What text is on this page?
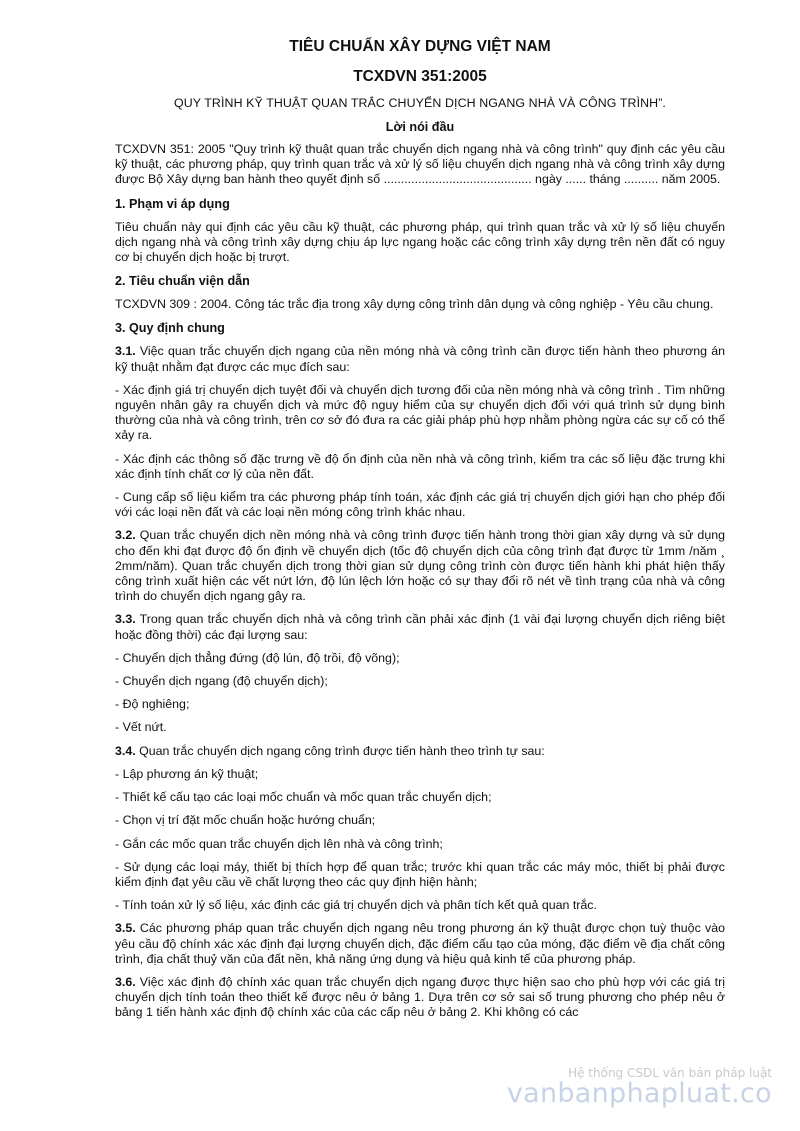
TIÊU CHUẨN XÂY DỰNG VIỆT NAM
TCXDVN 351:2005
QUY TRÌNH KỸ THUẬT QUAN TRẮC CHUYỂN DỊCH NGANG NHÀ VÀ CÔNG TRÌNH”.
Lời nói đầu

TCXDVN 351: 2005 "Quy trình kỹ thuật quan trắc chuyển dịch ngang nhà và công trình" quy định các yêu cầu kỹ thuật, các phương pháp, quy trình quan trắc và xử lý số liệu chuyển dịch ngang nhà và công trình xây dựng được Bộ Xây dựng ban hành theo quyết định số ........................................... ngày ...... tháng .......... năm 2005.

1. Phạm vi áp dụng

Tiêu chuẩn này qui định các yêu cầu kỹ thuật, các phương pháp, qui trình quan trắc và xử lý số liệu chuyển dịch ngang nhà và công trình xây dựng chịu áp lực ngang hoặc các công trình xây dựng trên nền đất có nguy cơ bị chuyển dịch hoặc bị trượt.

2. Tiêu chuẩn viện dẫn

TCXDVN 309 : 2004. Công tác trắc địa trong xây dựng công trình dân dụng và công nghiệp - Yêu cầu chung.

3. Quy định chung

3.1. Việc quan trắc chuyển dịch ngang của nền móng nhà và công trình cần được tiến hành theo phương án kỹ thuật nhằm đạt được các mục đích sau:

- Xác định giá trị chuyển dịch tuyệt đối và chuyển dịch tương đối của nền móng nhà và công trình . Tìm những nguyên nhân gây ra chuyển dịch và mức độ nguy hiểm của sự chuyển dịch đối với quá trình sử dụng bình thường của nhà và công trình, trên cơ sở đó đưa ra các giải pháp phù hợp nhằm phòng ngừa các sự cố có thể xảy ra.

- Xác định các thông số đặc trưng về độ ổn định của nền nhà và công trình, kiểm tra các số liệu đặc trưng khi xác định tính chất cơ lý của nền đất.

- Cung cấp số liệu kiểm tra các phương pháp tính toán, xác định các giá trị chuyển dịch giới hạn cho phép đối với các loại nền đất và các loại nền móng công trình khác nhau.

3.2. Quan trắc chuyển dịch nền móng nhà và công trình được tiến hành trong thời gian xây dựng và sử dụng cho đến khi đạt được độ ổn định về chuyển dịch (tốc độ chuyển dịch của công trình đạt được từ 1mm /năm ¸ 2mm/năm). Quan trắc chuyển dịch trong thời gian sử dụng công trình còn được tiến hành khi phát hiện thấy công trình xuất hiện các vết nứt lớn, độ lún lệch lớn hoặc có sự thay đổi rõ nét về tình trạng của nhà và công trình do chuyển dịch ngang gây ra.

3.3. Trong quan trắc chuyển dịch nhà và công trình cần phải xác định (1 vài đại lượng chuyển dịch riêng biệt hoặc đồng thời) các đại lượng sau:

- Chuyển dịch thẳng đứng (độ lún, độ trồi, độ võng);

- Chuyển dịch ngang (độ chuyển dịch);

- Độ nghiêng;

- Vết nứt.

3.4. Quan trắc chuyển dịch ngang công trình được tiến hành theo trình tự sau:

- Lập phương án kỹ thuật;

- Thiết kế cấu tạo các loại mốc chuẩn và mốc quan trắc chuyển dịch;

- Chọn vị trí đặt mốc chuẩn hoặc hướng chuẩn;

- Gắn các mốc quan trắc chuyển dịch lên nhà và công trình;

- Sử dụng các loại máy, thiết bị thích hợp để quan trắc; trước khi quan trắc các máy móc, thiết bị phải được kiểm định đạt yêu cầu về chất lượng theo các quy định hiện hành;

- Tính toán xử lý số liệu, xác định các giá trị chuyển dịch và phân tích kết quả quan trắc.

3.5. Các phương pháp quan trắc chuyển dịch ngang nêu trong phương án kỹ thuật được chọn tuỳ thuộc vào yêu cầu độ chính xác xác định đại lượng chuyển dịch, đặc điểm cấu tạo của móng, đặc điểm về địa chất công trình, địa chất thuỷ văn của đất nền, khả năng ứng dụng và hiệu quả kinh tế của phương pháp.

3.6. Việc xác định độ chính xác quan trắc chuyển dịch ngang được thực hiện sao cho phù hợp với các giá trị chuyển dịch tính toán theo thiết kế được nêu ở bảng 1. Dựa trên cơ sở sai số trung phương cho phép nêu ở bảng 1 tiến hành xác định độ chính xác của các cấp nêu ở bảng 2. Khi không có các

Hệ thống CSDL văn bản pháp luật
vanbanphapluat.co
